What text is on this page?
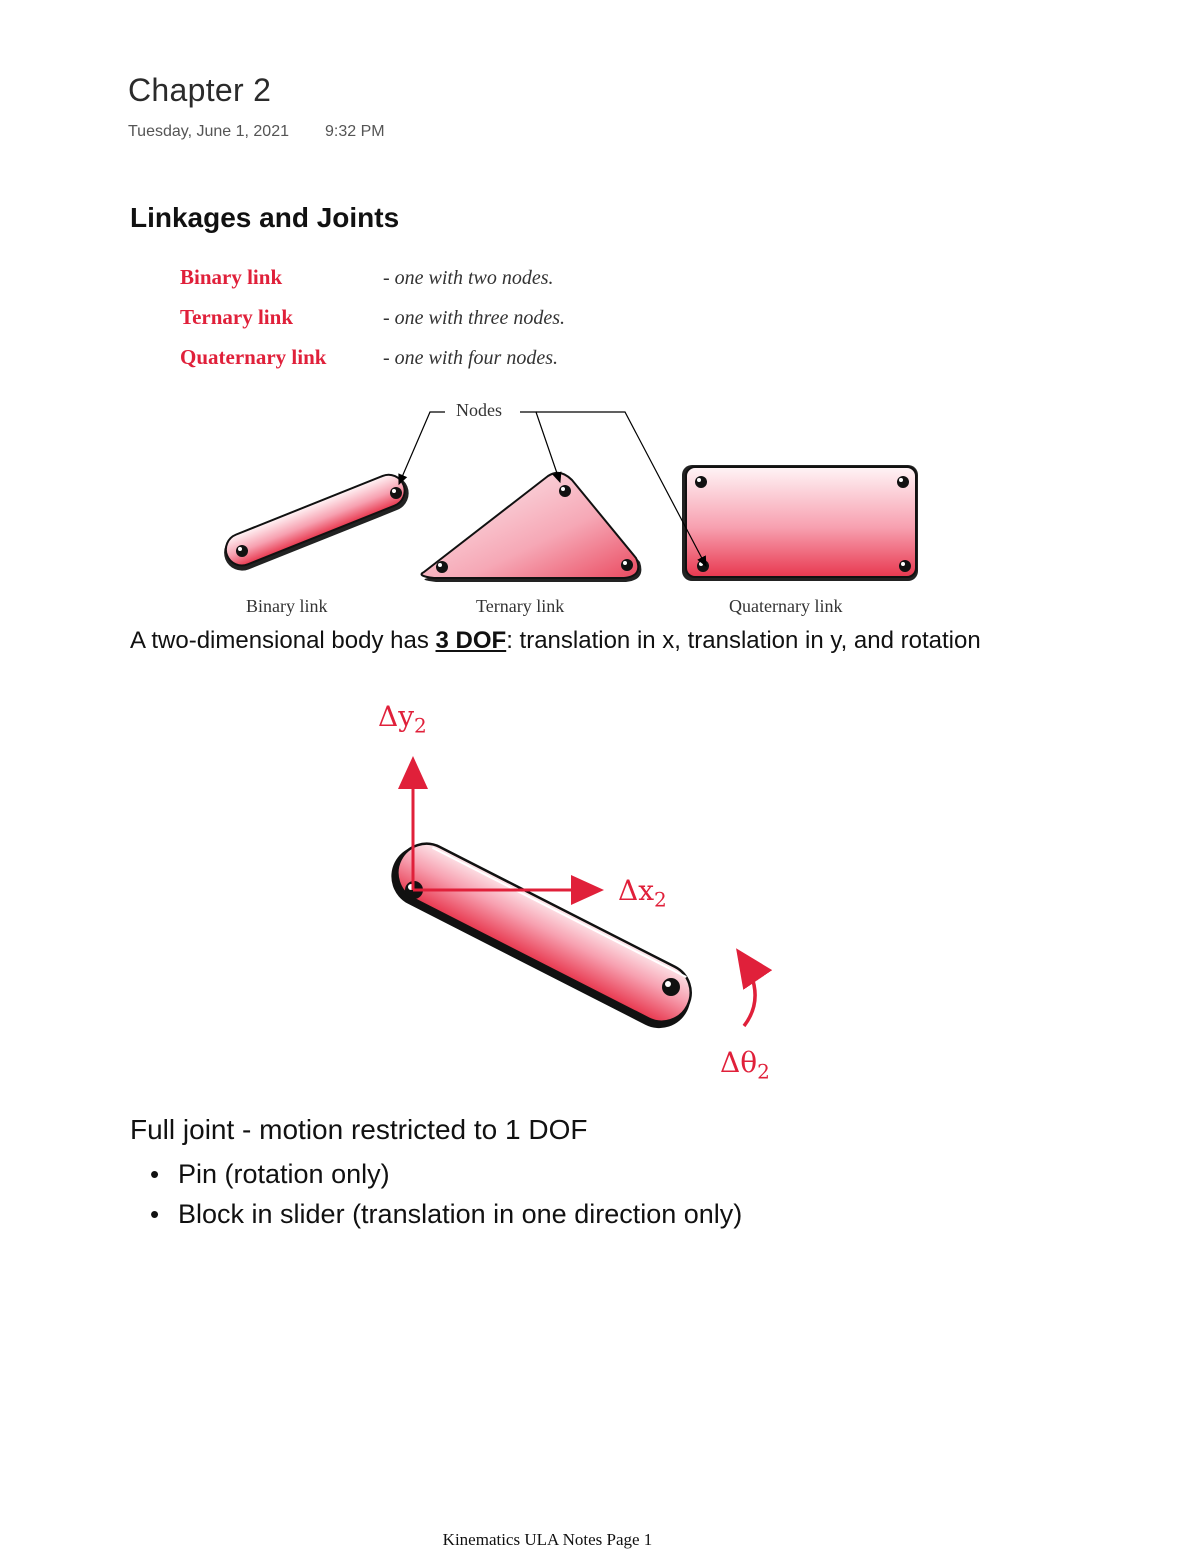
Chapter 2
Tuesday, June 1, 2021 9:32 PM
Linkages and Joints
Binary link	- one with two nodes.
Ternary link	- one with three nodes.
Quaternary link	- one with four nodes.
Nodes
Binary link	Ternary link	Quaternary link
A two-dimensional body has 3 DOF: translation in x, translation in y, and rotation
$\Delta y_2$
$\Delta x_2$
$\Delta\theta_2$
Full joint - motion restricted to 1 DOF
• Pin (rotation only)
• Block in slider (translation in one direction only)
Kinematics ULA Notes Page 1
